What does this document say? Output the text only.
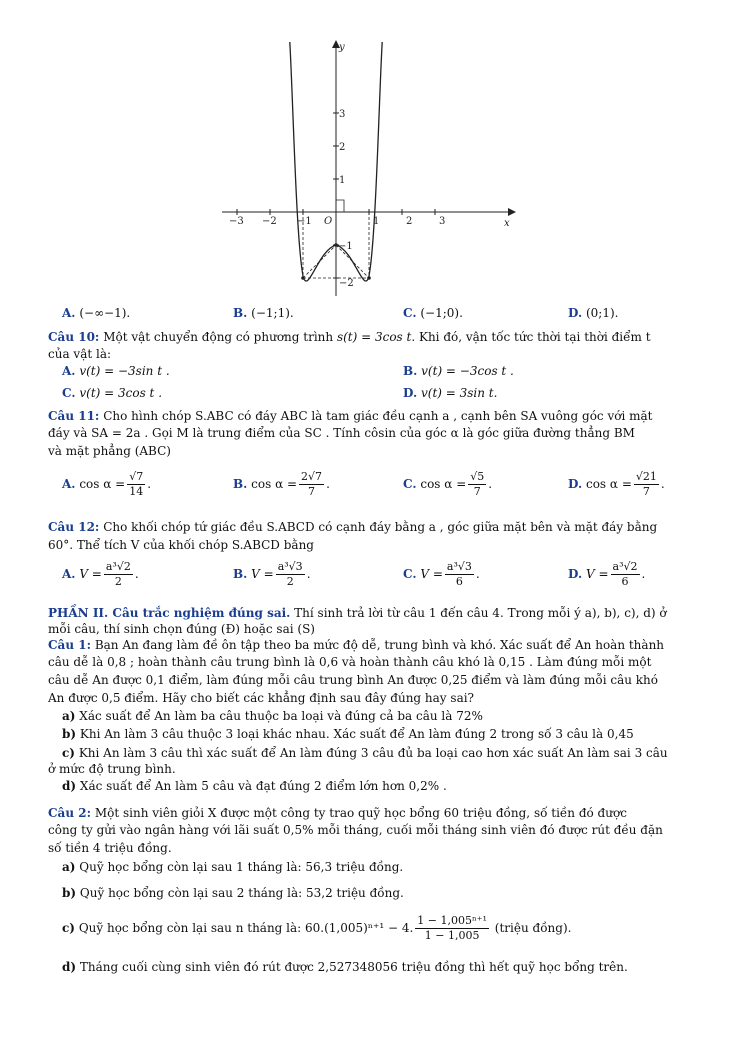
y
x
O
3
2
1
−1
−2
−3 −2 −1	1	2	3
A. (−∞−1).	B. (−1;1).	C. (−1;0).	D. (0;1).
Câu 10: Một vật chuyển động có phương trình s(t) = 3cos t. Khi đó, vận tốc tức thời tại thời điểm t
của vật là:
A. v(t) = −3sin t .	B. v(t) = −3cos t .
C. v(t) = 3cos t .	D. v(t) = 3sin t.
Câu 11: Cho hình chóp S.ABC có đáy ABC là tam giác đều cạnh a , cạnh bên SA vuông góc với mặt
đáy và SA = 2a . Gọi M là trung điểm của SC . Tính côsin của góc α là góc giữa đường thẳng BM
và mặt phẳng (ABC)
A. $\cos \alpha = \frac{√7}{14}$ .	B. $\cos \alpha = \frac{2√7}{7}$ .	C. $\cos \alpha = \frac{√5}{7}$ .	D. $\cos \alpha = \frac{√21}{7}$ .
Câu 12: Cho khối chóp tứ giác đều S.ABCD có cạnh đáy bằng a , góc giữa mặt bên và mặt đáy bằng
60°. Thể tích V của khối chóp S.ABCD bằng
A. $V = \frac{\text{a³√2}}{2}$ .	B. $V = \frac{\text{a³√3}}{2}$ .	C. $V = \frac{\text{a³√3}}{6}$ .	D. $V = \frac{\text{a³√2}}{6}$ .
PHẦN II. Câu trắc nghiệm đúng sai. Thí sinh trả lời từ câu 1 đến câu 4. Trong mỗi ý a), b), c), d) ở
mỗi câu, thí sinh chọn đúng (Đ) hoặc sai (S)
Câu 1: Bạn An đang làm đề ôn tập theo ba mức độ dễ, trung bình và khó. Xác suất để An hoàn thành
câu dễ là 0,8 ; hoàn thành câu trung bình là 0,6 và hoàn thành câu khó là 0,15 . Làm đúng mỗi một
câu dễ An được 0,1 điểm, làm đúng mỗi câu trung bình An được 0,25 điểm và làm đúng mỗi câu khó
An được 0,5 điểm. Hãy cho biết các khẳng định sau đây đúng hay sai?
a) Xác suất để An làm ba câu thuộc ba loại và đúng cả ba câu là 72%
b) Khi An làm 3 câu thuộc 3 loại khác nhau. Xác suất để An làm đúng 2 trong số 3 câu là 0,45
c) Khi An làm 3 câu thì xác suất để An làm đúng 3 câu đủ ba loại cao hơn xác suất An làm sai 3 câu
ở mức độ trung bình.
d) Xác suất để An làm 5 câu và đạt đúng 2 điểm lớn hơn 0,2% .
Câu 2: Một sinh viên giỏi X được một công ty trao quỹ học bổng 60 triệu đồng, số tiền đó được
công ty gửi vào ngân hàng với lãi suất 0,5% mỗi tháng, cuối mỗi tháng sinh viên đó được rút đều đặn
số tiền 4 triệu đồng.
a) Quỹ học bổng còn lại sau 1 tháng là: 56,3 triệu đồng.
b) Quỹ học bổng còn lại sau 2 tháng là: 53,2 triệu đồng.
c) Quỹ học bổng còn lại sau n tháng là: 60.(1,005)ⁿ⁺¹ − 4. $\frac{\text{1 − 1,005ⁿ⁺¹}}{1 - 1,005}$ (triệu đồng).
d) Tháng cuối cùng sinh viên đó rút được 2,527348056 triệu đồng thì hết quỹ học bổng trên.
